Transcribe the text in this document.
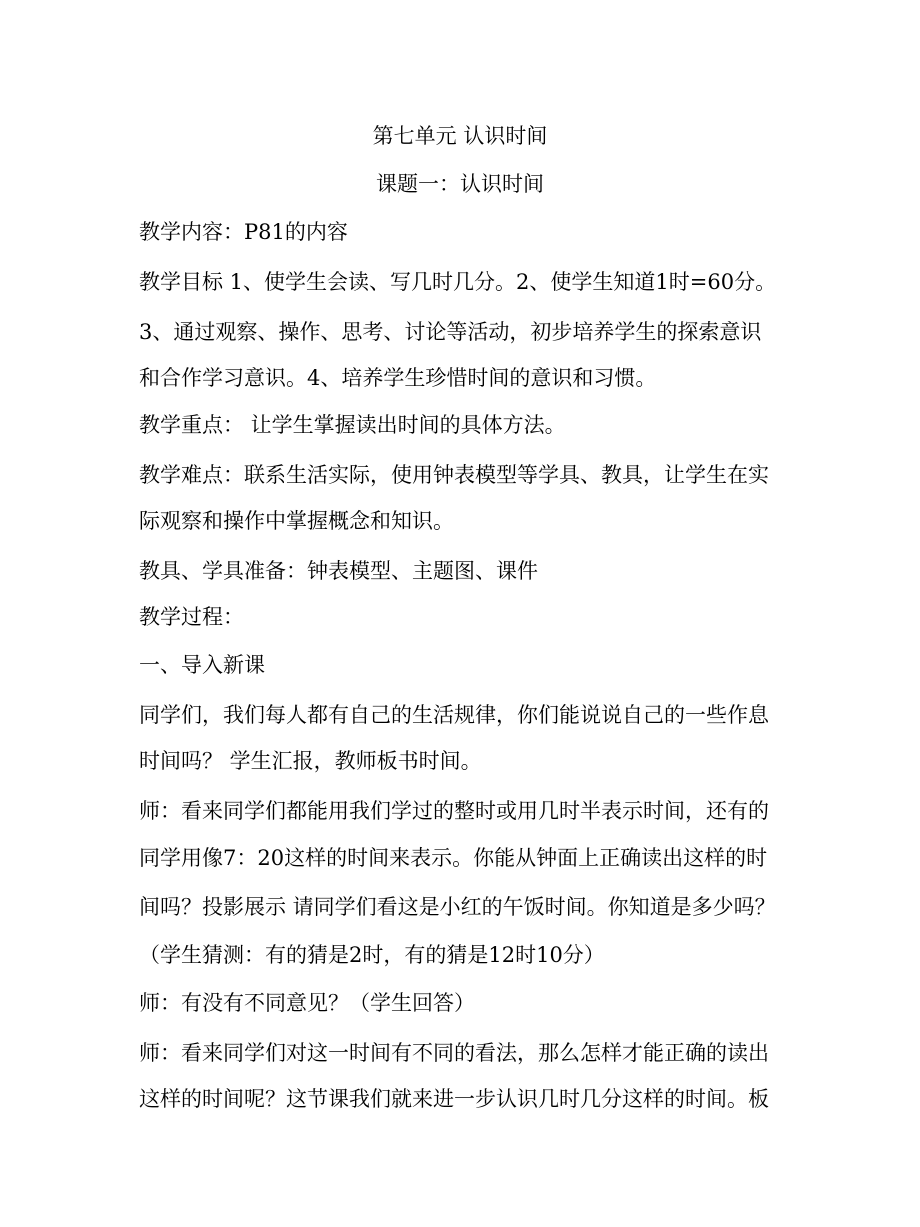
第七单元 认识时间
课题一：认识时间
教学内容：P81的内容
教学目标 1、使学生会读、写几时几分。2、使学生知道1时=60分。
3、通过观察、操作、思考、讨论等活动，初步培养学生的探索意识
和合作学习意识。4、培养学生珍惜时间的意识和习惯。
教学重点： 让学生掌握读出时间的具体方法。
教学难点：联系生活实际，使用钟表模型等学具、教具，让学生在实
际观察和操作中掌握概念和知识。
教具、学具准备：钟表模型、主题图、课件
教学过程：
一、导入新课
同学们，我们每人都有自己的生活规律，你们能说说自己的一些作息
时间吗？ 学生汇报，教师板书时间。
师：看来同学们都能用我们学过的整时或用几时半表示时间，还有的
同学用像7：20这样的时间来表示。你能从钟面上正确读出这样的时
间吗？投影展示 请同学们看这是小红的午饭时间。你知道是多少吗？
（学生猜测：有的猜是2时，有的猜是12时10分）
师：有没有不同意见？（学生回答）
师：看来同学们对这一时间有不同的看法，那么怎样才能正确的读出
这样的时间呢？这节课我们就来进一步认识几时几分这样的时间。板
